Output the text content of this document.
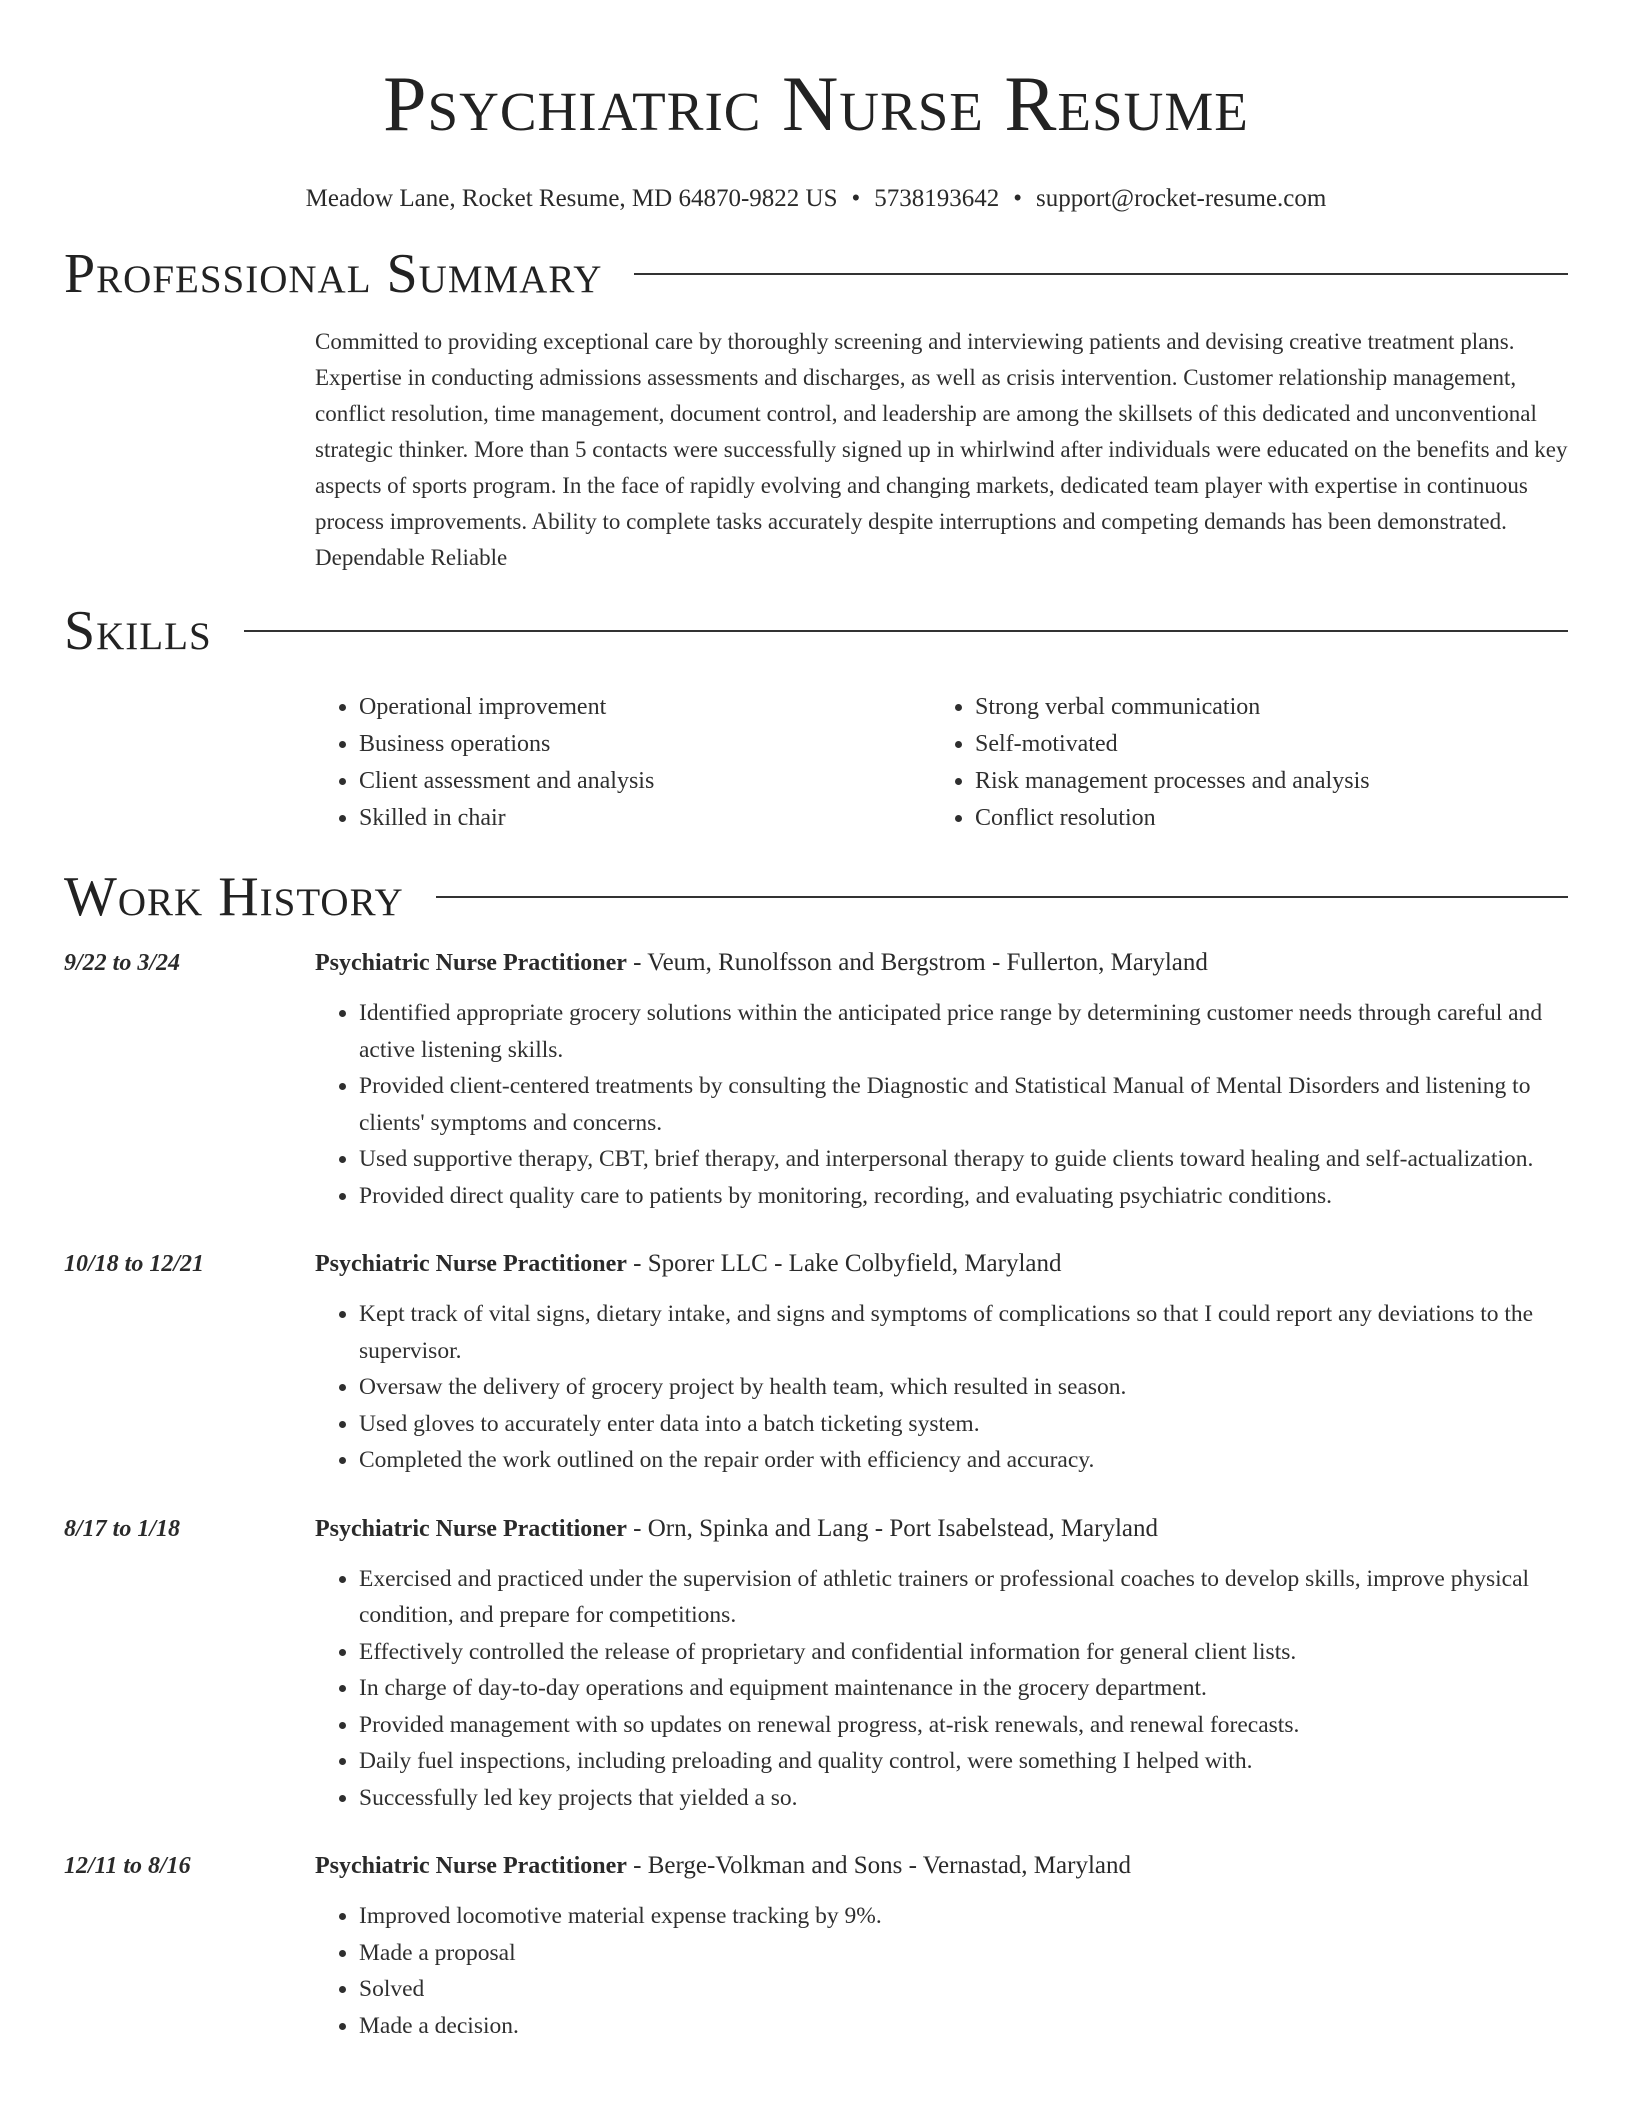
Psychiatric Nurse Resume
Meadow Lane, Rocket Resume, MD 64870-9822 US • 5738193642 • support@rocket-resume.com
Professional Summary

Committed to providing exceptional care by thoroughly screening and interviewing patients and devising creative treatment plans. Expertise in conducting admissions assessments and discharges, as well as crisis intervention. Customer relationship management, conflict resolution, time management, document control, and leadership are among the skillsets of this dedicated and unconventional strategic thinker. More than 5 contacts were successfully signed up in whirlwind after individuals were educated on the benefits and key aspects of sports program. In the face of rapidly evolving and changing markets, dedicated team player with expertise in continuous process improvements. Ability to complete tasks accurately despite interruptions and competing demands has been demonstrated. Dependable Reliable

Skills
• Operational improvement
• Business operations
• Client assessment and analysis
• Skilled in chair
• Strong verbal communication
• Self-motivated
• Risk management processes and analysis
• Conflict resolution
Work History
9/22 to 3/24	Psychiatric Nurse Practitioner - Veum, Runolfsson and Bergstrom - Fullerton, Maryland
• Identified appropriate grocery solutions within the anticipated price range by determining customer needs through careful and active listening skills.
• Provided client-centered treatments by consulting the Diagnostic and Statistical Manual of Mental Disorders and listening to clients' symptoms and concerns.
• Used supportive therapy, CBT, brief therapy, and interpersonal therapy to guide clients toward healing and self-actualization.
• Provided direct quality care to patients by monitoring, recording, and evaluating psychiatric conditions.
10/18 to 12/21	Psychiatric Nurse Practitioner - Sporer LLC - Lake Colbyfield, Maryland
• Kept track of vital signs, dietary intake, and signs and symptoms of complications so that I could report any deviations to the supervisor.
• Oversaw the delivery of grocery project by health team, which resulted in season.
• Used gloves to accurately enter data into a batch ticketing system.
• Completed the work outlined on the repair order with efficiency and accuracy.
8/17 to 1/18	Psychiatric Nurse Practitioner - Orn, Spinka and Lang - Port Isabelstead, Maryland
• Exercised and practiced under the supervision of athletic trainers or professional coaches to develop skills, improve physical condition, and prepare for competitions.
• Effectively controlled the release of proprietary and confidential information for general client lists.
• In charge of day-to-day operations and equipment maintenance in the grocery department.
• Provided management with so updates on renewal progress, at-risk renewals, and renewal forecasts.
• Daily fuel inspections, including preloading and quality control, were something I helped with.
• Successfully led key projects that yielded a so.
12/11 to 8/16	Psychiatric Nurse Practitioner - Berge-Volkman and Sons - Vernastad, Maryland
• Improved locomotive material expense tracking by 9%.
• Made a proposal
• Solved
• Made a decision.
